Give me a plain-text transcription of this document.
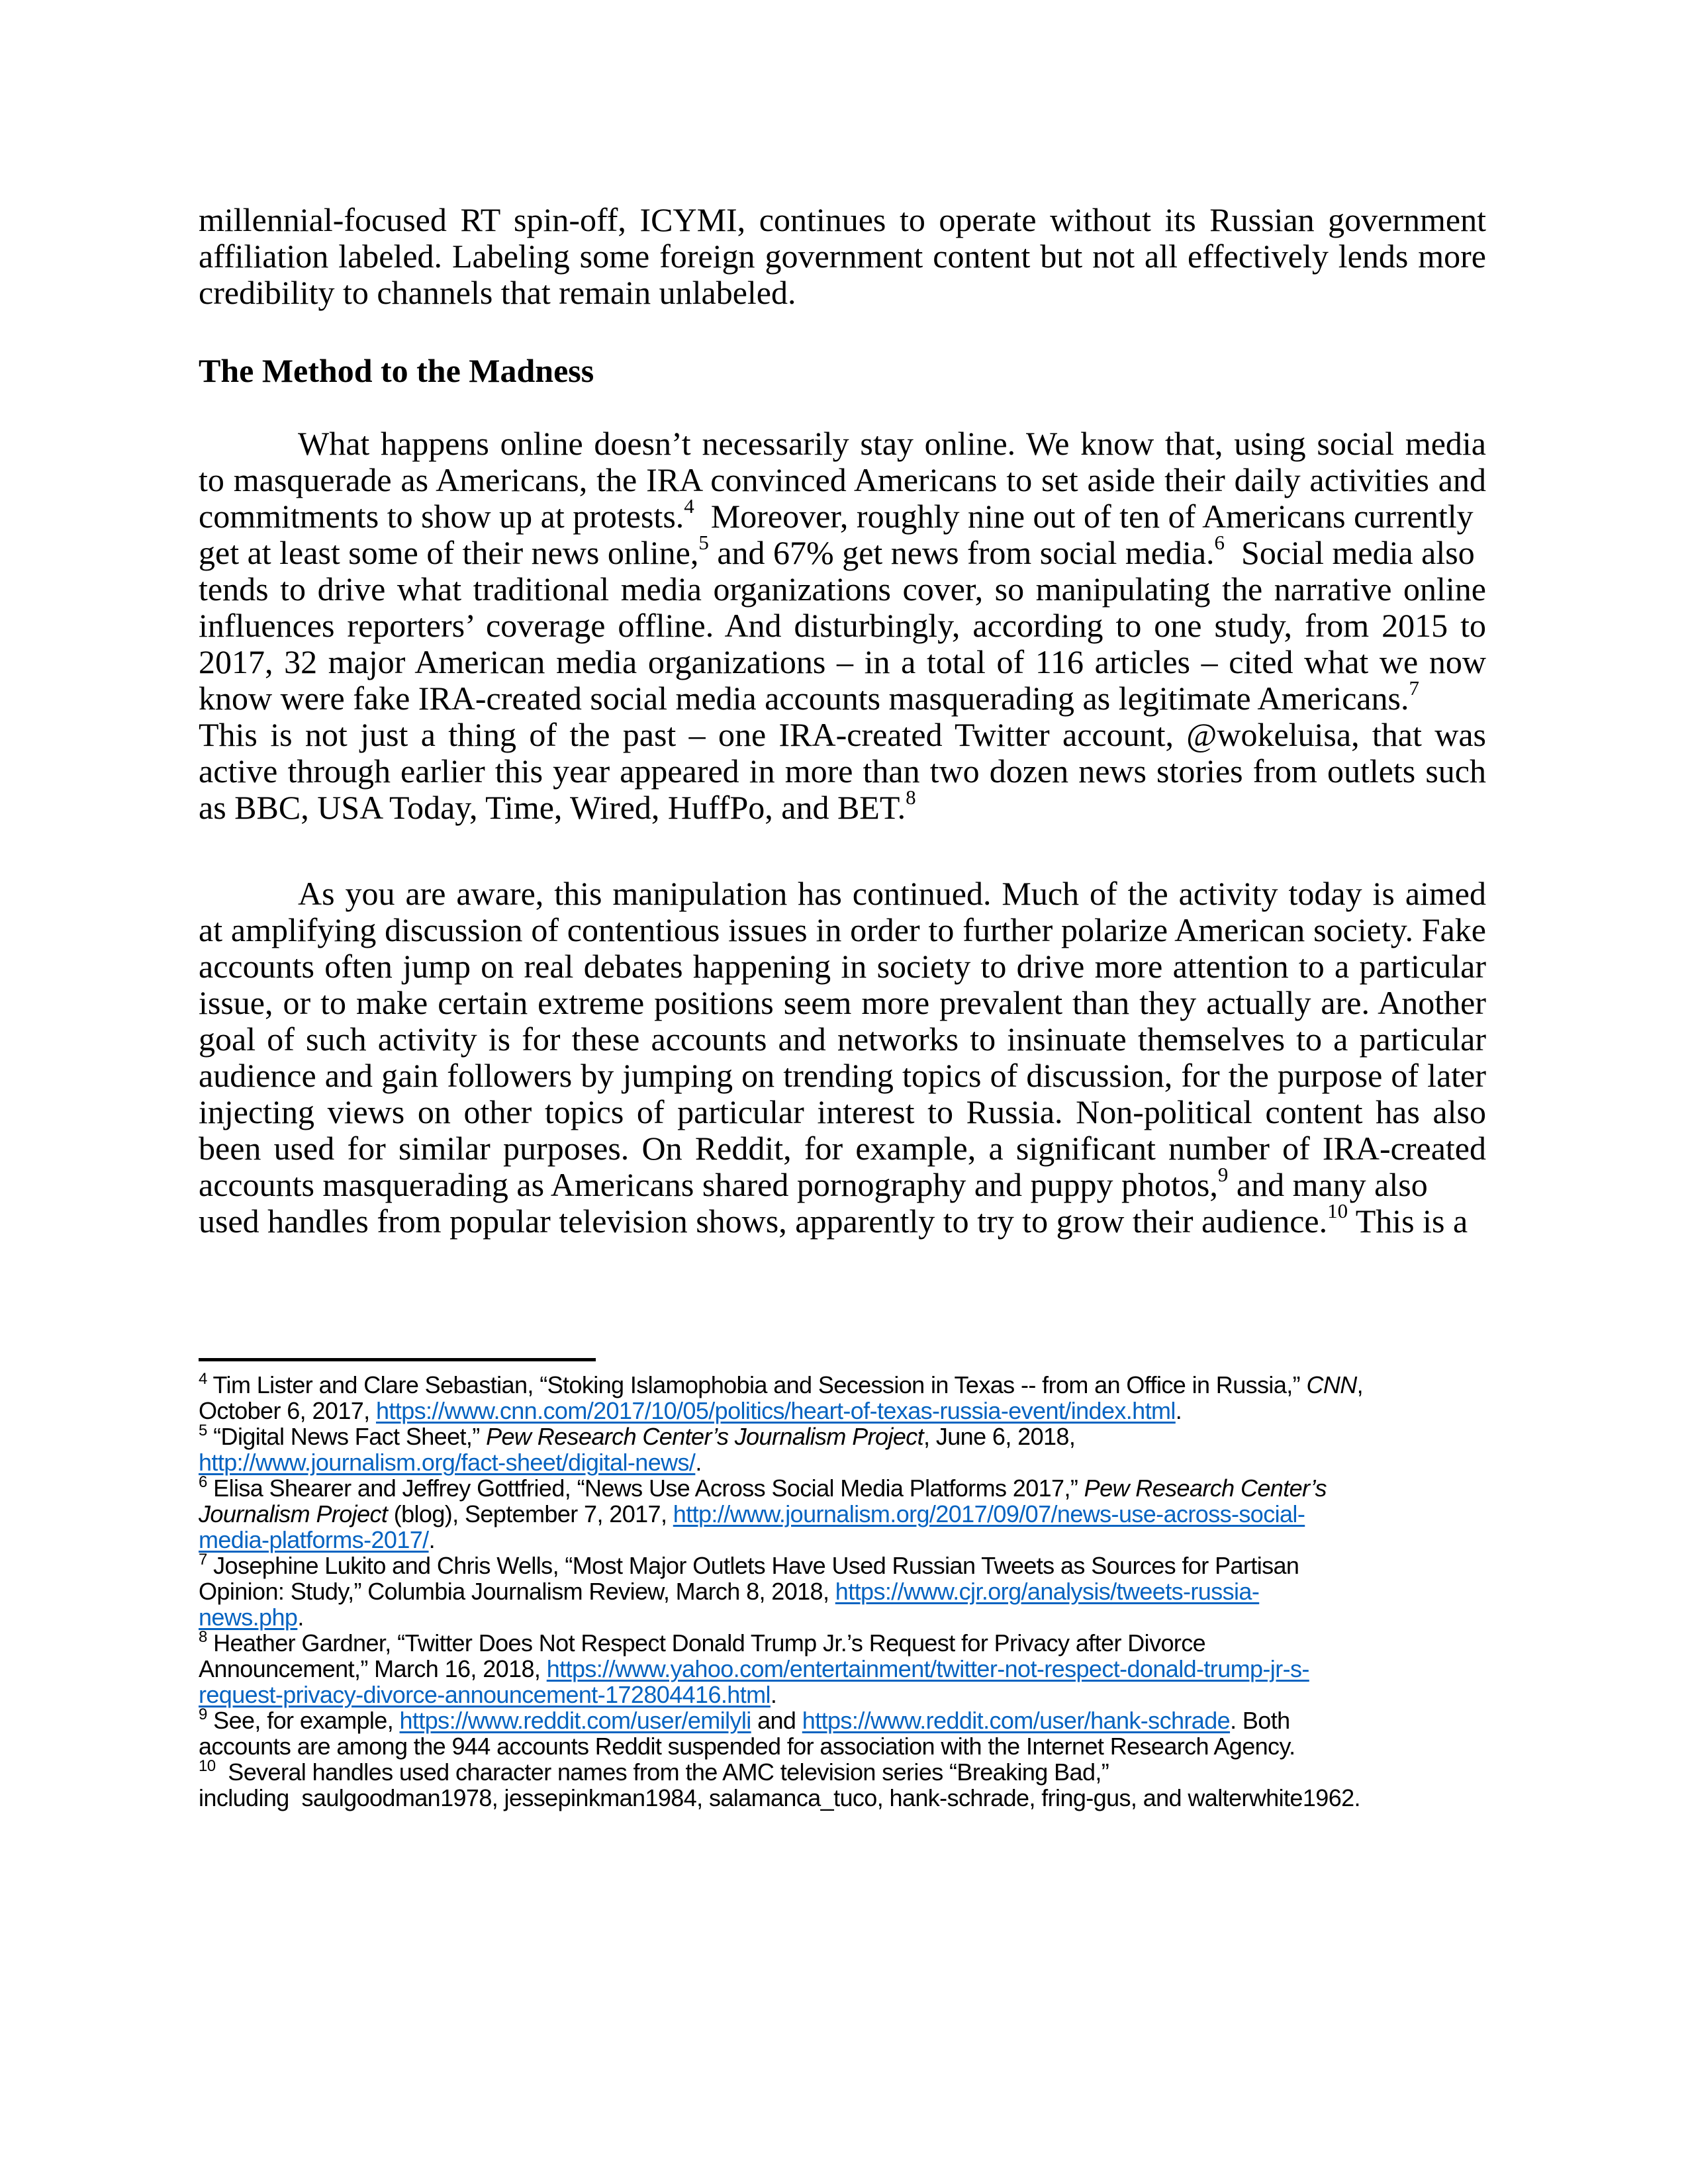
millennial-focused RT spin-off, ICYMI, continues to operate without its Russian government
affiliation labeled. Labeling some foreign government content but not all effectively lends more
credibility to channels that remain unlabeled.
The Method to the Madness
What happens online doesn’t necessarily stay online. We know that, using social media
to masquerade as Americans, the IRA convinced Americans to set aside their daily activities and
commitments to show up at protests.$^4$  Moreover, roughly nine out of ten of Americans currently
get at least some of their news online,$^5$ and 67% get news from social media.$^6$  Social media also
tends to drive what traditional media organizations cover, so manipulating the narrative online
influences reporters’ coverage offline. And disturbingly, according to one study, from 2015 to
2017, 32 major American media organizations – in a total of 116 articles – cited what we now
know were fake IRA-created social media accounts masquerading as legitimate Americans.$^7$
This is not just a thing of the past – one IRA-created Twitter account, @wokeluisa, that was
active through earlier this year appeared in more than two dozen news stories from outlets such
as BBC, USA Today, Time, Wired, HuffPo, and BET.$^8$
As you are aware, this manipulation has continued. Much of the activity today is aimed
at amplifying discussion of contentious issues in order to further polarize American society. Fake
accounts often jump on real debates happening in society to drive more attention to a particular
issue, or to make certain extreme positions seem more prevalent than they actually are. Another
goal of such activity is for these accounts and networks to insinuate themselves to a particular
audience and gain followers by jumping on trending topics of discussion, for the purpose of later
injecting views on other topics of particular interest to Russia. Non-political content has also
been used for similar purposes. On Reddit, for example, a significant number of IRA-created
accounts masquerading as Americans shared pornography and puppy photos,$^9$ and many also
used handles from popular television shows, apparently to try to grow their audience.$^{10}$ This is a
$^4$ Tim Lister and Clare Sebastian, “Stoking Islamophobia and Secession in Texas -- from an Office in Russia,” CNN,
October 6, 2017, https://www.cnn.com/2017/10/05/politics/heart-of-texas-russia-event/index.html.
$^5$ “Digital News Fact Sheet,” Pew Research Center’s Journalism Project, June 6, 2018,
http://www.journalism.org/fact-sheet/digital-news/.
$^6$ Elisa Shearer and Jeffrey Gottfried, “News Use Across Social Media Platforms 2017,” Pew Research Center’s
Journalism Project (blog), September 7, 2017, http://www.journalism.org/2017/09/07/news-use-across-social-
media-platforms-2017/.
$^7$ Josephine Lukito and Chris Wells, “Most Major Outlets Have Used Russian Tweets as Sources for Partisan
Opinion: Study,” Columbia Journalism Review, March 8, 2018, https://www.cjr.org/analysis/tweets-russia-
news.php.
$^8$ Heather Gardner, “Twitter Does Not Respect Donald Trump Jr.’s Request for Privacy after Divorce
Announcement,” March 16, 2018, https://www.yahoo.com/entertainment/twitter-not-respect-donald-trump-jr-s-
request-privacy-divorce-announcement-172804416.html.
$^9$ See, for example, https://www.reddit.com/user/emilyli and https://www.reddit.com/user/hank-schrade. Both
accounts are among the 944 accounts Reddit suspended for association with the Internet Research Agency.
$^{10}$  Several handles used character names from the AMC television series “Breaking Bad,”
including  saulgoodman1978, jessepinkman1984, salamanca_tuco, hank-schrade, fring-gus, and walterwhite1962.
